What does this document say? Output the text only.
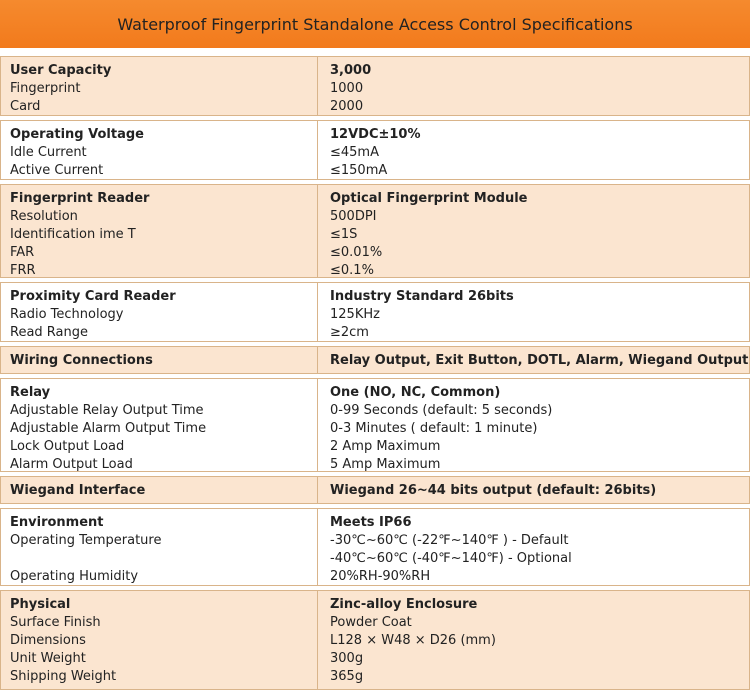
Waterproof Fingerprint Standalone Access Control Specifications
User Capacity
Fingerprint
Card
3,000
1000
2000
Operating Voltage
Idle Current
Active Current
12VDC±10%
≤45mA
≤150mA
Fingerprint Reader
Resolution
Identification ime T
FAR
FRR
Optical Fingerprint Module
500DPI
≤1S
≤0.01%
≤0.1%
Proximity Card Reader
Radio Technology
Read Range
Industry Standard 26bits
125KHz
≥2cm
Wiring Connections	Relay Output, Exit Button, DOTL, Alarm, Wiegand Output
Relay
Adjustable Relay Output Time
Adjustable Alarm Output Time
Lock Output Load
Alarm Output Load
One (NO, NC, Common)
0-99 Seconds (default: 5 seconds)
0-3 Minutes ( default: 1 minute)
2 Amp Maximum
5 Amp Maximum
Wiegand Interface	Wiegand 26~44 bits output (default: 26bits)
Environment
Operating Temperature
Operating Humidity
Meets IP66
-30℃~60℃ (-22℉~140℉ ) - Default
-40℃~60℃ (-40℉~140℉) - Optional
20%RH-90%RH
Physical
Surface Finish
Dimensions
Unit Weight
Shipping Weight
Zinc-alloy Enclosure
Powder Coat
L128 × W48 × D26 (mm)
300g
365g
